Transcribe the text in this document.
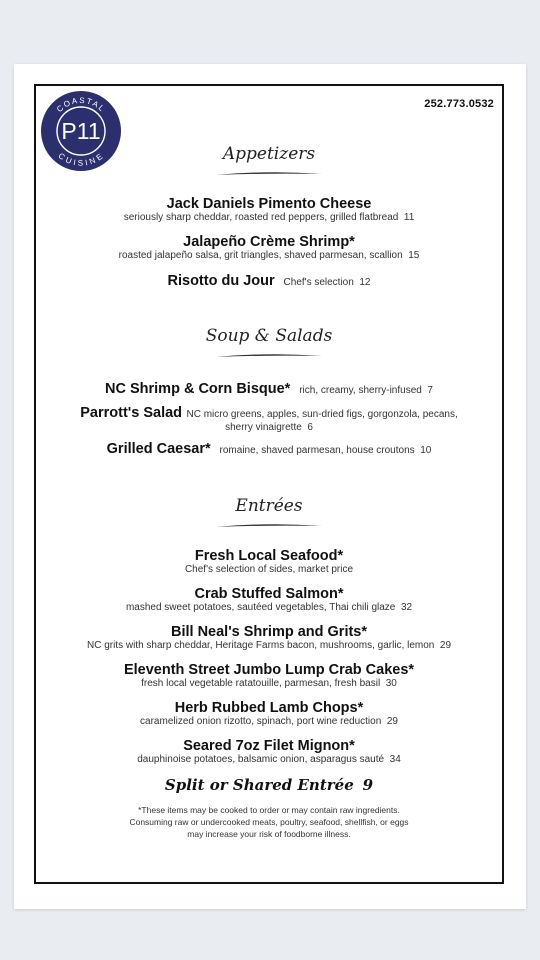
COASTAL
CUISINE
P11
252.773.0532
Appetizers
Jack Daniels Pimento Cheese
seriously sharp cheddar, roasted red peppers, grilled flatbread 11
Jalapeño Crème Shrimp*
roasted jalapeño salsa, grit triangles, shaved parmesan, scallion 15
Risotto du Jour Chef's selection 12
Soup & Salads
NC Shrimp & Corn Bisque* rich, creamy, sherry-infused 7
Parrott's Salad NC micro greens, apples, sun-dried figs, gorgonzola, pecans,
sherry vinaigrette 6
Grilled Caesar* romaine, shaved parmesan, house croutons 10
Entrées
Fresh Local Seafood*
Chef's selection of sides, market price
Crab Stuffed Salmon*
mashed sweet potatoes, sautéed vegetables, Thai chili glaze 32
Bill Neal's Shrimp and Grits*
NC grits with sharp cheddar, Heritage Farms bacon, mushrooms, garlic, lemon 29
Eleventh Street Jumbo Lump Crab Cakes*
fresh local vegetable ratatouille, parmesan, fresh basil 30
Herb Rubbed Lamb Chops*
caramelized onion rizotto, spinach, port wine reduction 29
Seared 7oz Filet Mignon*
dauphinoise potatoes, balsamic onion, asparagus sauté 34
Split or Shared Entrée 9
*These items may be cooked to order or may contain raw ingredients.
Consuming raw or undercooked meats, poultry, seafood, shellfish, or eggs
may increase your risk of foodborne illness.
